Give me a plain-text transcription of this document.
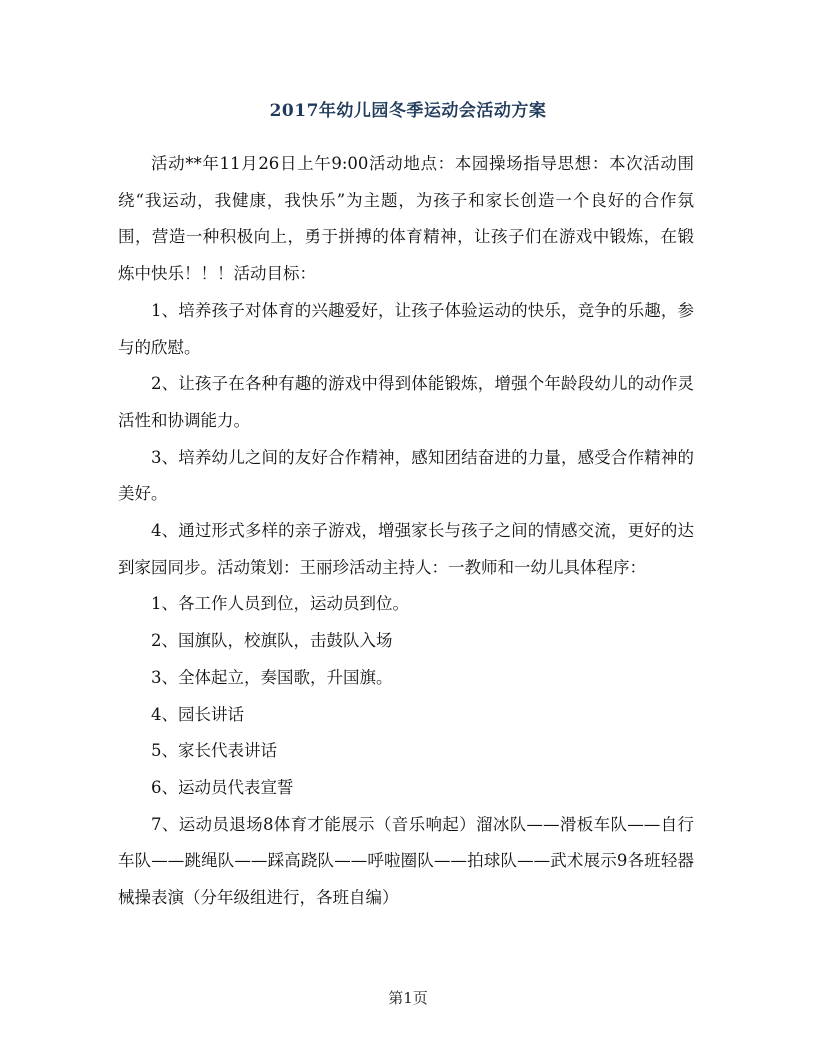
2017年幼儿园冬季运动会活动方案

活动**年11月26日上午9:00活动地点：本园操场指导思想：本次活动围绕“我运动，我健康，我快乐”为主题，为孩子和家长创造一个良好的合作氛围，营造一种积极向上，勇于拼搏的体育精神，让孩子们在游戏中锻炼，在锻炼中快乐！！！活动目标：

1、培养孩子对体育的兴趣爱好，让孩子体验运动的快乐，竞争的乐趣，参与的欣慰。

2、让孩子在各种有趣的游戏中得到体能锻炼，增强个年龄段幼儿的动作灵活性和协调能力。

3、培养幼儿之间的友好合作精神，感知团结奋进的力量，感受合作精神的美好。

4、通过形式多样的亲子游戏，增强家长与孩子之间的情感交流，更好的达到家园同步。活动策划：王丽珍活动主持人：一教师和一幼儿具体程序：

1、各工作人员到位，运动员到位。

2、国旗队，校旗队，击鼓队入场

3、全体起立，奏国歌，升国旗。

4、园长讲话

5、家长代表讲话

6、运动员代表宣誓

7、运动员退场8体育才能展示（音乐响起）溜冰队——滑板车队——自行车队——跳绳队——踩高跷队——呼啦圈队——拍球队——武术展示9各班轻器械操表演（分年级组进行，各班自编）

第1页
